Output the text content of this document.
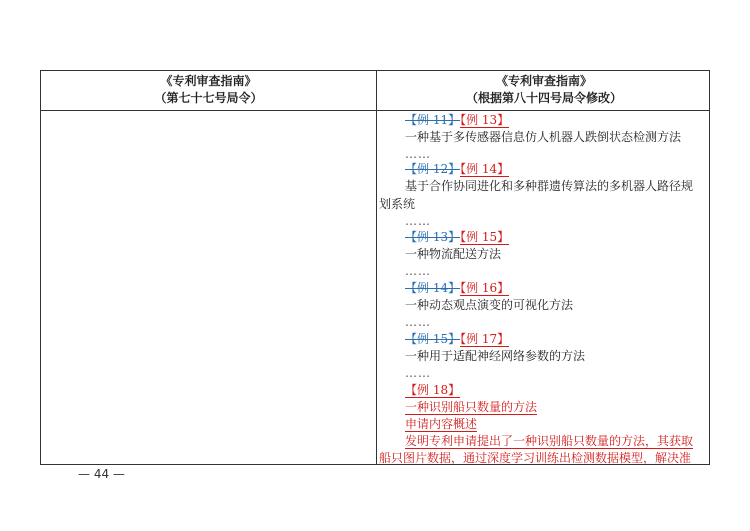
《专利审查指南》
（第七十七号局令）
《专利审查指南》
（根据第八十四号局令修改）
【例 11】【例 13】
一种基于多传感器信息仿人机器人跌倒状态检测方法
……
【例 12】【例 14】
基于合作协同进化和多种群遗传算法的多机器人路径规
划系统
……
【例 13】【例 15】
一种物流配送方法
……
【例 14】【例 16】
一种动态观点演变的可视化方法
……
【例 15】【例 17】
一种用于适配神经网络参数的方法
……
【例 18】
一种识别船只数量的方法
申请内容概述
发明专利申请提出了一种识别船只数量的方法，其获取
船只图片数据，通过深度学习训练出检测数据模型，解决准
— 44 —
